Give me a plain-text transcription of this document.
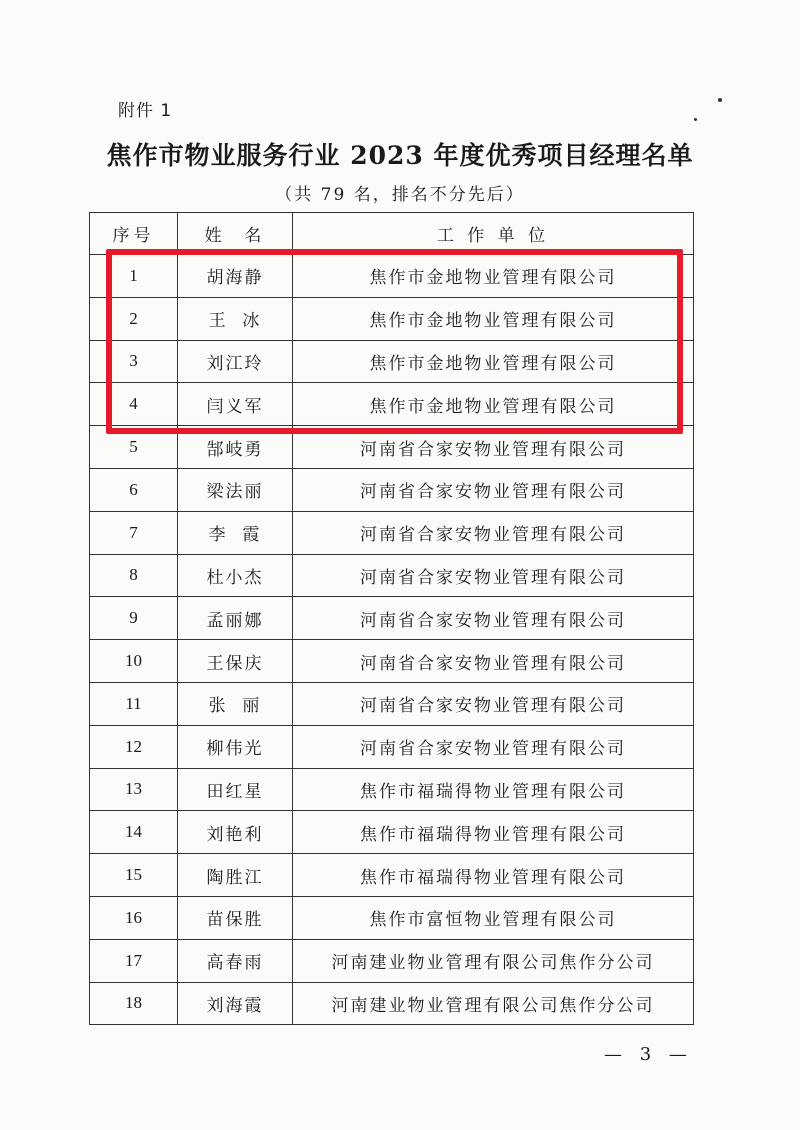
附件 1
焦作市物业服务行业 2023 年度优秀项目经理名单
（共 79 名，排名不分先后）
序号	姓  名	工 作 单 位
1	胡海静	焦作市金地物业管理有限公司
2	王  冰	焦作市金地物业管理有限公司
3	刘江玲	焦作市金地物业管理有限公司
4	闫义军	焦作市金地物业管理有限公司
5	郜岐勇	河南省合家安物业管理有限公司
6	梁法丽	河南省合家安物业管理有限公司
7	李  霞	河南省合家安物业管理有限公司
8	杜小杰	河南省合家安物业管理有限公司
9	孟丽娜	河南省合家安物业管理有限公司
10	王保庆	河南省合家安物业管理有限公司
11	张  丽	河南省合家安物业管理有限公司
12	柳伟光	河南省合家安物业管理有限公司
13	田红星	焦作市福瑞得物业管理有限公司
14	刘艳利	焦作市福瑞得物业管理有限公司
15	陶胜江	焦作市福瑞得物业管理有限公司
16	苗保胜	焦作市富恒物业管理有限公司
17	高春雨	河南建业物业管理有限公司焦作分公司
18	刘海霞	河南建业物业管理有限公司焦作分公司
— 3 —
